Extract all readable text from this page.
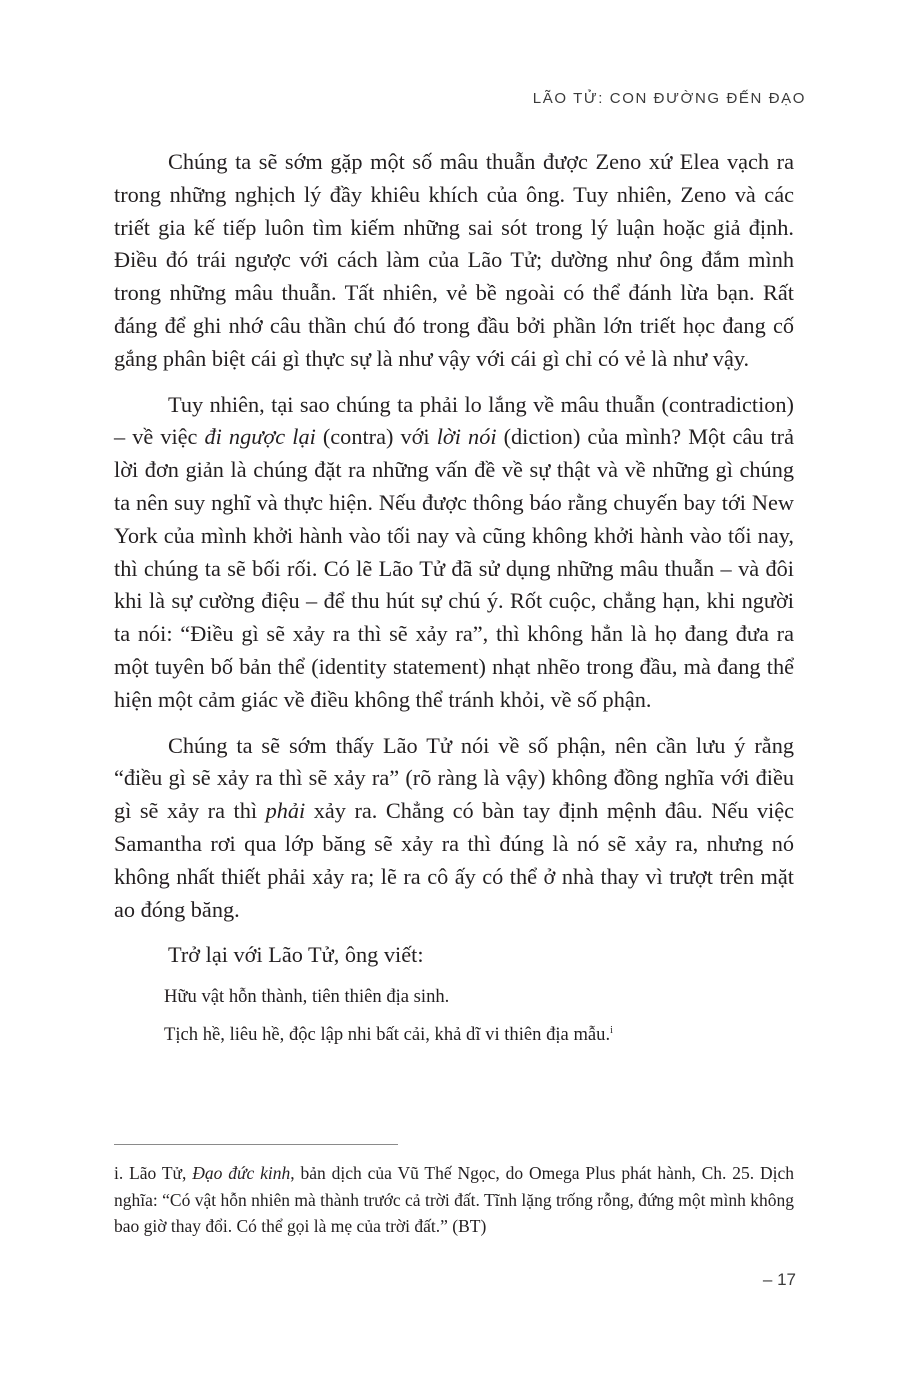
LÃO TỬ: CON ĐƯỜNG ĐẾN ĐẠO

Chúng ta sẽ sớm gặp một số mâu thuẫn được Zeno xứ Elea vạch ra trong những nghịch lý đầy khiêu khích của ông. Tuy nhiên, Zeno và các triết gia kế tiếp luôn tìm kiếm những sai sót trong lý luận hoặc giả định. Điều đó trái ngược với cách làm của Lão Tử; dường như ông đắm mình trong những mâu thuẫn. Tất nhiên, vẻ bề ngoài có thể đánh lừa bạn. Rất đáng để ghi nhớ câu thần chú đó trong đầu bởi phần lớn triết học đang cố gắng phân biệt cái gì thực sự là như vậy với cái gì chỉ có vẻ là như vậy.

Tuy nhiên, tại sao chúng ta phải lo lắng về mâu thuẫn (contradiction) – về việc đi ngược lại (contra) với lời nói (diction) của mình? Một câu trả lời đơn giản là chúng đặt ra những vấn đề về sự thật và về những gì chúng ta nên suy nghĩ và thực hiện. Nếu được thông báo rằng chuyến bay tới New York của mình khởi hành vào tối nay và cũng không khởi hành vào tối nay, thì chúng ta sẽ bối rối. Có lẽ Lão Tử đã sử dụng những mâu thuẫn – và đôi khi là sự cường điệu – để thu hút sự chú ý. Rốt cuộc, chẳng hạn, khi người ta nói: “Điều gì sẽ xảy ra thì sẽ xảy ra”, thì không hẳn là họ đang đưa ra một tuyên bố bản thể (identity statement) nhạt nhẽo trong đầu, mà đang thể hiện một cảm giác về điều không thể tránh khỏi, về số phận.

Chúng ta sẽ sớm thấy Lão Tử nói về số phận, nên cần lưu ý rằng “điều gì sẽ xảy ra thì sẽ xảy ra” (rõ ràng là vậy) không đồng nghĩa với điều gì sẽ xảy ra thì phải xảy ra. Chẳng có bàn tay định mệnh đâu. Nếu việc Samantha rơi qua lớp băng sẽ xảy ra thì đúng là nó sẽ xảy ra, nhưng nó không nhất thiết phải xảy ra; lẽ ra cô ấy có thể ở nhà thay vì trượt trên mặt ao đóng băng.

Trở lại với Lão Tử, ông viết:

Hữu vật hỗn thành, tiên thiên địa sinh.

Tịch hề, liêu hề, độc lập nhi bất cải, khả dĩ vi thiên địa mẫu.$^i$

i. Lão Tử, Đạo đức kinh, bản dịch của Vũ Thế Ngọc, do Omega Plus phát hành, Ch. 25. Dịch nghĩa: “Có vật hỗn nhiên mà thành trước cả trời đất. Tĩnh lặng trống rỗng, đứng một mình không bao giờ thay đổi. Có thể gọi là mẹ của trời đất.” (BT)

– 17
